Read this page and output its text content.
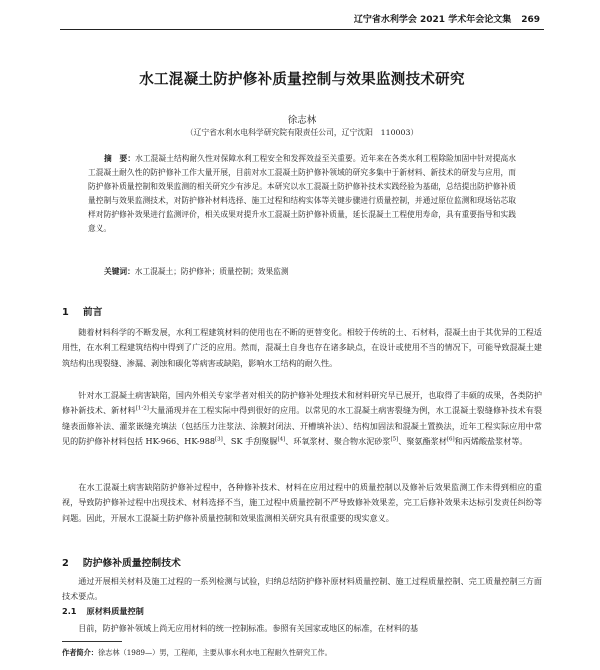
辽宁省水利学会 2021 学术年会论文集 269
水工混凝土防护修补质量控制与效果监测技术研究
徐志林
（辽宁省水利水电科学研究院有限责任公司，辽宁沈阳　110003）
摘　要：水工混凝土结构耐久性对保障水利工程安全和发挥效益至关重要。近年来在各类水利工程除险加固中针对提高水工混凝土耐久性的防护修补工作大量开展，目前对水工混凝土防护修补领域的研究多集中于新材料、新技术的研发与应用，而防护修补质量控制和效果监测的相关研究少有涉足。本研究以水工混凝土防护修补技术实践经验为基础，总结提出防护修补质量控制与效果监测技术，对防护修补材料选择、施工过程和结构实体等关键步骤进行质量控制，并通过原位监测和现场钻芯取样对防护修补效果进行监测评价，相关成果对提升水工混凝土防护修补质量，延长混凝土工程使用寿命，具有重要指导和实践意义。
关键词：水工混凝土；防护修补；质量控制；效果监测
1 前言
随着材料科学的不断发展，水利工程建筑材料的使用也在不断的更替变化。相较于传统的土、石材料，混凝土由于其优异的工程适用性，在水利工程建筑结构中得到了广泛的应用。然而，混凝土自身也存在诸多缺点，在设计或使用不当的情况下，可能导致混凝土建筑结构出现裂缝、渗漏、剥蚀和碳化等病害或缺陷，影响水工结构的耐久性。
针对水工混凝土病害缺陷，国内外相关专家学者对相关的防护修补处理技术和材料研究早已展开，也取得了丰硕的成果，各类防护修补新技术、新材料[1-2]大量涌现并在工程实际中得到很好的应用。以常见的水工混凝土病害裂缝为例，水工混凝土裂缝修补技术有裂缝表面修补法、灌浆嵌缝充填法（包括压力注浆法、涂膜封闭法、开槽填补法）、结构加固法和混凝土置换法，近年工程实际应用中常见的防护修补材料包括 HK-966、HK-988[3]、SK 手刮聚脲[4]、环氧浆材、聚合物水泥砂浆[5]、聚氨酯浆材[6]和丙烯酸盐浆材等。
在水工混凝土病害缺陷防护修补过程中，各种修补技术、材料在应用过程中的质量控制以及修补后效果监测工作未得到相应的重视，导致防护修补过程中出现技术、材料选择不当，施工过程中质量控制不严导致修补效果差，完工后修补效果未达标引发责任纠纷等问题。因此，开展水工混凝土防护修补质量控制和效果监测相关研究具有很重要的现实意义。
2 防护修补质量控制技术
通过开展相关材料及施工过程的一系列检测与试验，归纳总结防护修补原材料质量控制、施工过程质量控制、完工质量控制三方面技术要点。
2.1 原材料质量控制
目前，防护修补领域上尚无应用材料的统一控制标准。参照有关国家或地区的标准，在材料的基
作者简介：徐志林（1989—）男，工程师，主要从事水利水电工程耐久性研究工作。
